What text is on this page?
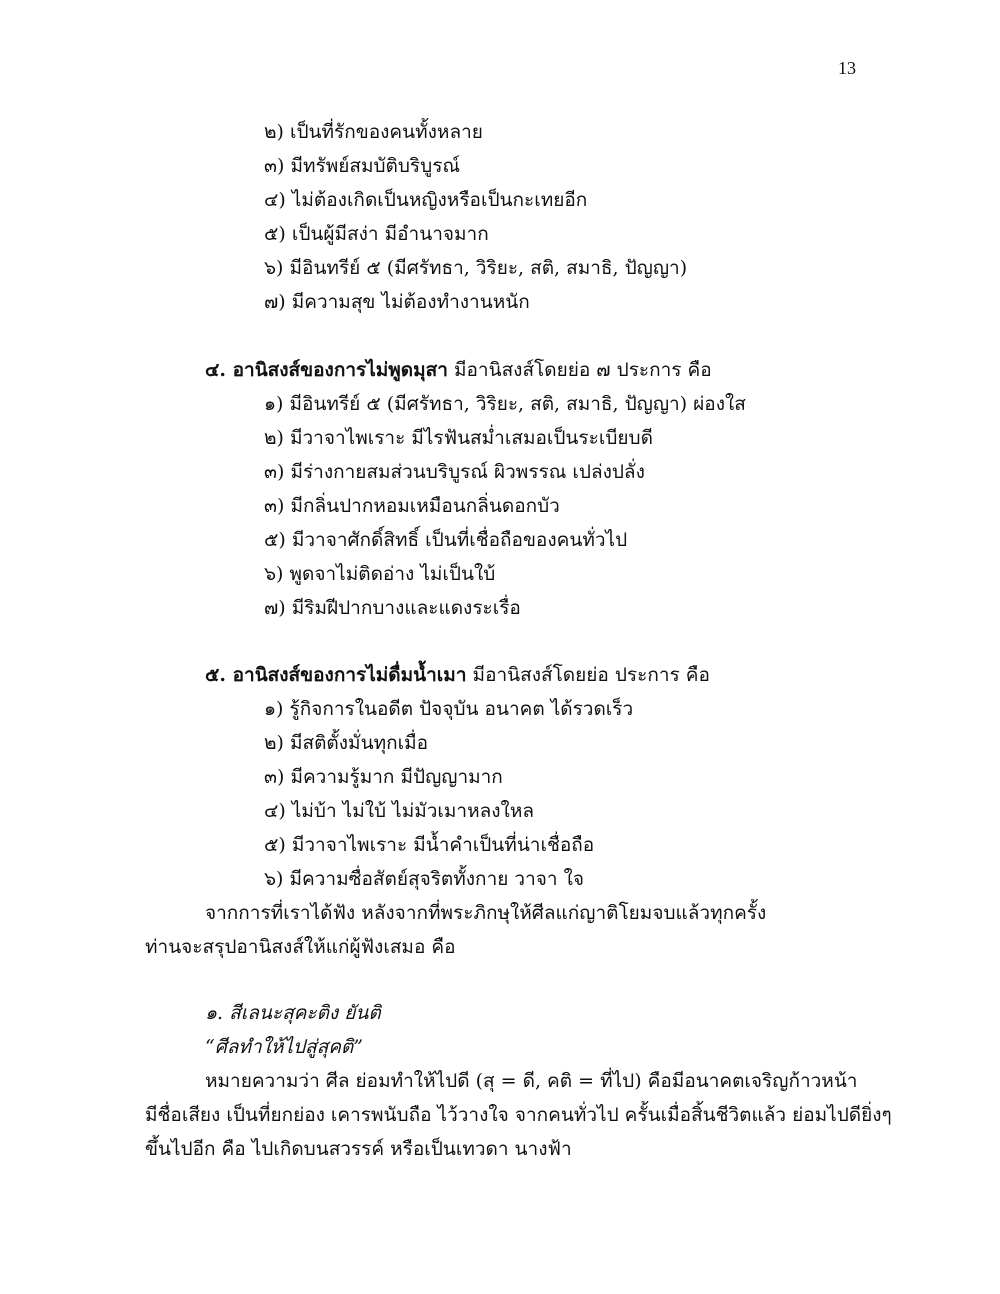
13
๒) เป็นที่รักของคนทั้งหลาย
๓) มีทรัพย์สมบัติบริบูรณ์
๔) ไม่ต้องเกิดเป็นหญิงหรือเป็นกะเทยอีก
๕) เป็นผู้มีสง่า มีอำนาจมาก
๖) มีอินทรีย์ ๕ (มีศรัทธา, วิริยะ, สติ, สมาธิ, ปัญญา)
๗) มีความสุข ไม่ต้องทำงานหนัก
๔. อานิสงส์ของการไม่พูดมุสา มีอานิสงส์โดยย่อ ๗ ประการ คือ
๑) มีอินทรีย์ ๕ (มีศรัทธา, วิริยะ, สติ, สมาธิ, ปัญญา) ผ่องใส
๒) มีวาจาไพเราะ มีไรฟันสม่ำเสมอเป็นระเบียบดี
๓) มีร่างกายสมส่วนบริบูรณ์ ผิวพรรณ เปล่งปลั่ง
๓) มีกลิ่นปากหอมเหมือนกลิ่นดอกบัว
๕) มีวาจาศักดิ์สิทธิ์ เป็นที่เชื่อถือของคนทั่วไป
๖) พูดจาไม่ติดอ่าง ไม่เป็นใบ้
๗) มีริมฝีปากบางและแดงระเรื่อ
๕. อานิสงส์ของการไม่ดื่มน้ำเมา มีอานิสงส์โดยย่อ ประการ คือ
๑) รู้กิจการในอดีต ปัจจุบัน อนาคต ได้รวดเร็ว
๒) มีสติตั้งมั่นทุกเมื่อ
๓) มีความรู้มาก มีปัญญามาก
๔) ไม่บ้า ไม่ใบ้ ไม่มัวเมาหลงใหล
๕) มีวาจาไพเราะ มีน้ำคำเป็นที่น่าเชื่อถือ
๖) มีความซื่อสัตย์สุจริตทั้งกาย วาจา ใจ
จากการที่เราได้ฟัง หลังจากที่พระภิกษุให้ศีลแก่ญาติโยมจบแล้วทุกครั้ง
ท่านจะสรุปอานิสงส์ให้แก่ผู้ฟังเสมอ คือ
๑. สีเลนะสุคะติง ยันติ
“ศีลทำให้ไปสู่สุคติ”
หมายความว่า ศีล ย่อมทำให้ไปดี (สุ = ดี, คติ = ที่ไป) คือมีอนาคตเจริญก้าวหน้า
มีชื่อเสียง เป็นที่ยกย่อง เคารพนับถือ ไว้วางใจ จากคนทั่วไป ครั้นเมื่อสิ้นชีวิตแล้ว ย่อมไปดียิ่งๆ
ขึ้นไปอีก คือ ไปเกิดบนสวรรค์ หรือเป็นเทวดา นางฟ้า
